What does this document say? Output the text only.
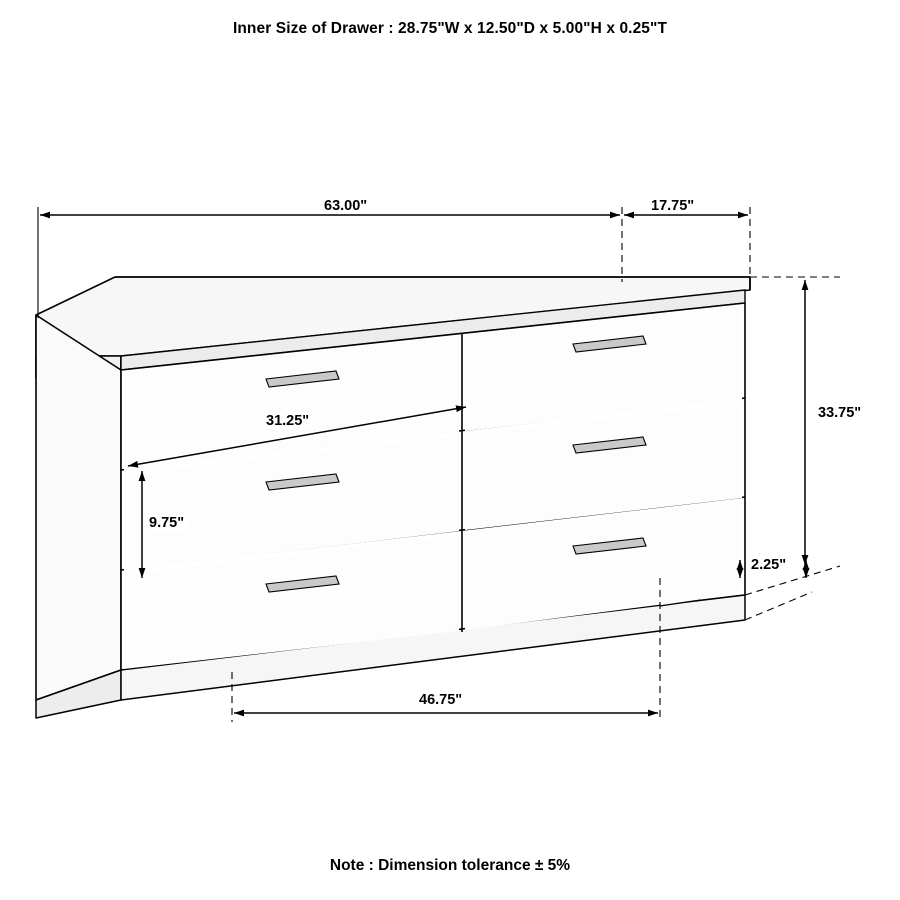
Inner Size of Drawer : 28.75"W x 12.50"D x 5.00"H x 0.25"T
63.00"	17.75"
33.75"
31.25"
9.75"
2.25"
46.75"
Note : Dimension tolerance ± 5%
